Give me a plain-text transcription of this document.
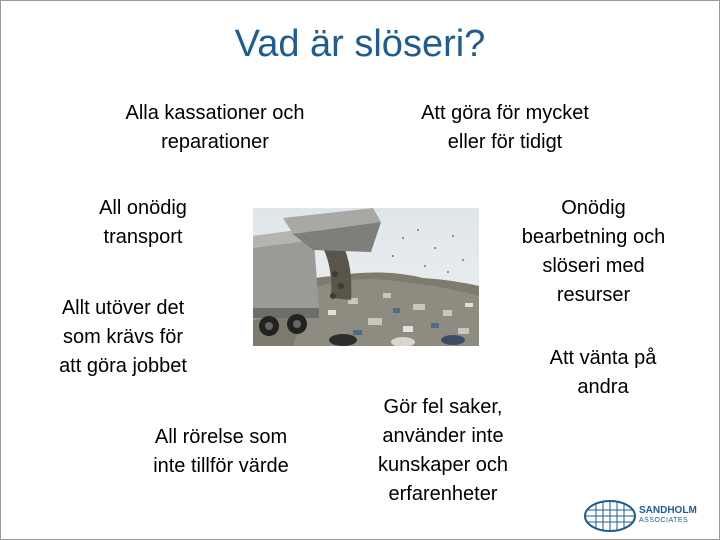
Vad är slöseri?
Alla kassationer och
reparationer
Att göra för mycket
eller för tidigt
All onödig
transport
Onödig
bearbetning och
slöseri med
resurser
Allt utöver det
som krävs för
att göra jobbet	Att vänta på
andra
Gör fel saker,
använder inte
kunskaper och
erfarenheter
All rörelse som
inte tillför värde
SANDHOLM
ASSOCIATES
